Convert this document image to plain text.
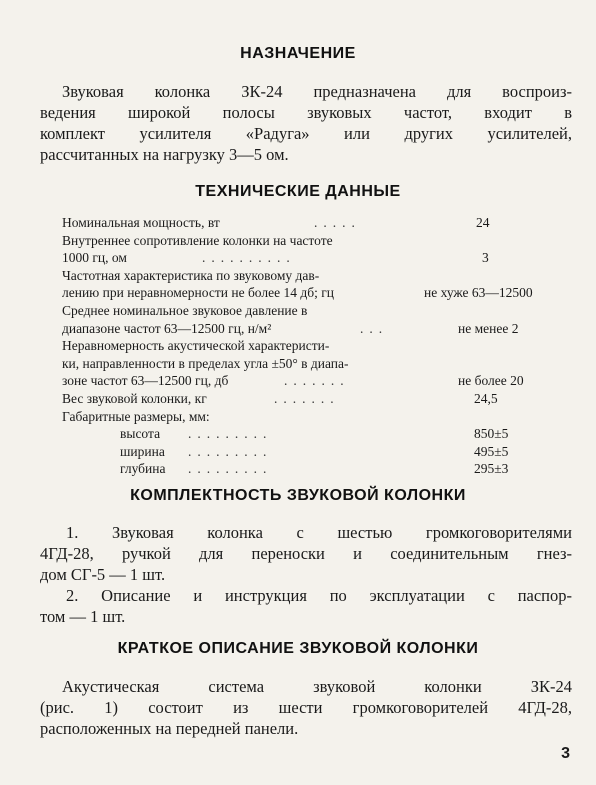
НАЗНАЧЕНИЕ

Звуковая колонка ЗК-24 предназначена для воспроиз-
ведения широкой полосы звуковых частот, входит в
комплект усилителя «Радуга» или других усилителей,
рассчитанных на нагрузку 3—5 ом.

ТЕХНИЧЕСКИЕ ДАННЫЕ
Номинальная мощность, вт	.....	24
Внутреннее сопротивление колонки на частоте
1000 гц, ом	..........	3
Частотная характеристика по звуковому дав-
лению при неравномерности не более 14 дб; гц	не хуже 63—12500
Среднее номинальное звуковое давление в
диапазоне частот 63—12500 гц, н/м²	...	не менее 2
Неравномерность акустической характеристи-
ки, направленности в пределах угла ±50° в диапа-
зоне частот 63—12500 гц, дб	.......	не более 20
Вес звуковой колонки, кг	.......	24,5
Габаритные размеры, мм:
высота .........	850±5
ширина .........	495±5
глубина .........	295±3
КОМПЛЕКТНОСТЬ ЗВУКОВОЙ КОЛОНКИ

1. Звуковая колонка с шестью громкоговорителями
4ГД-28, ручкой для переноски и соединительным гнез-
дом СГ-5 — 1 шт.
2. Описание и инструкция по эксплуатации с паспор-
том — 1 шт.

КРАТКОЕ ОПИСАНИЕ ЗВУКОВОЙ КОЛОНКИ

Акустическая система звуковой колонки ЗК-24
(рис. 1) состоит из шести громкоговорителей 4ГД-28,
расположенных на передней панели.

3
